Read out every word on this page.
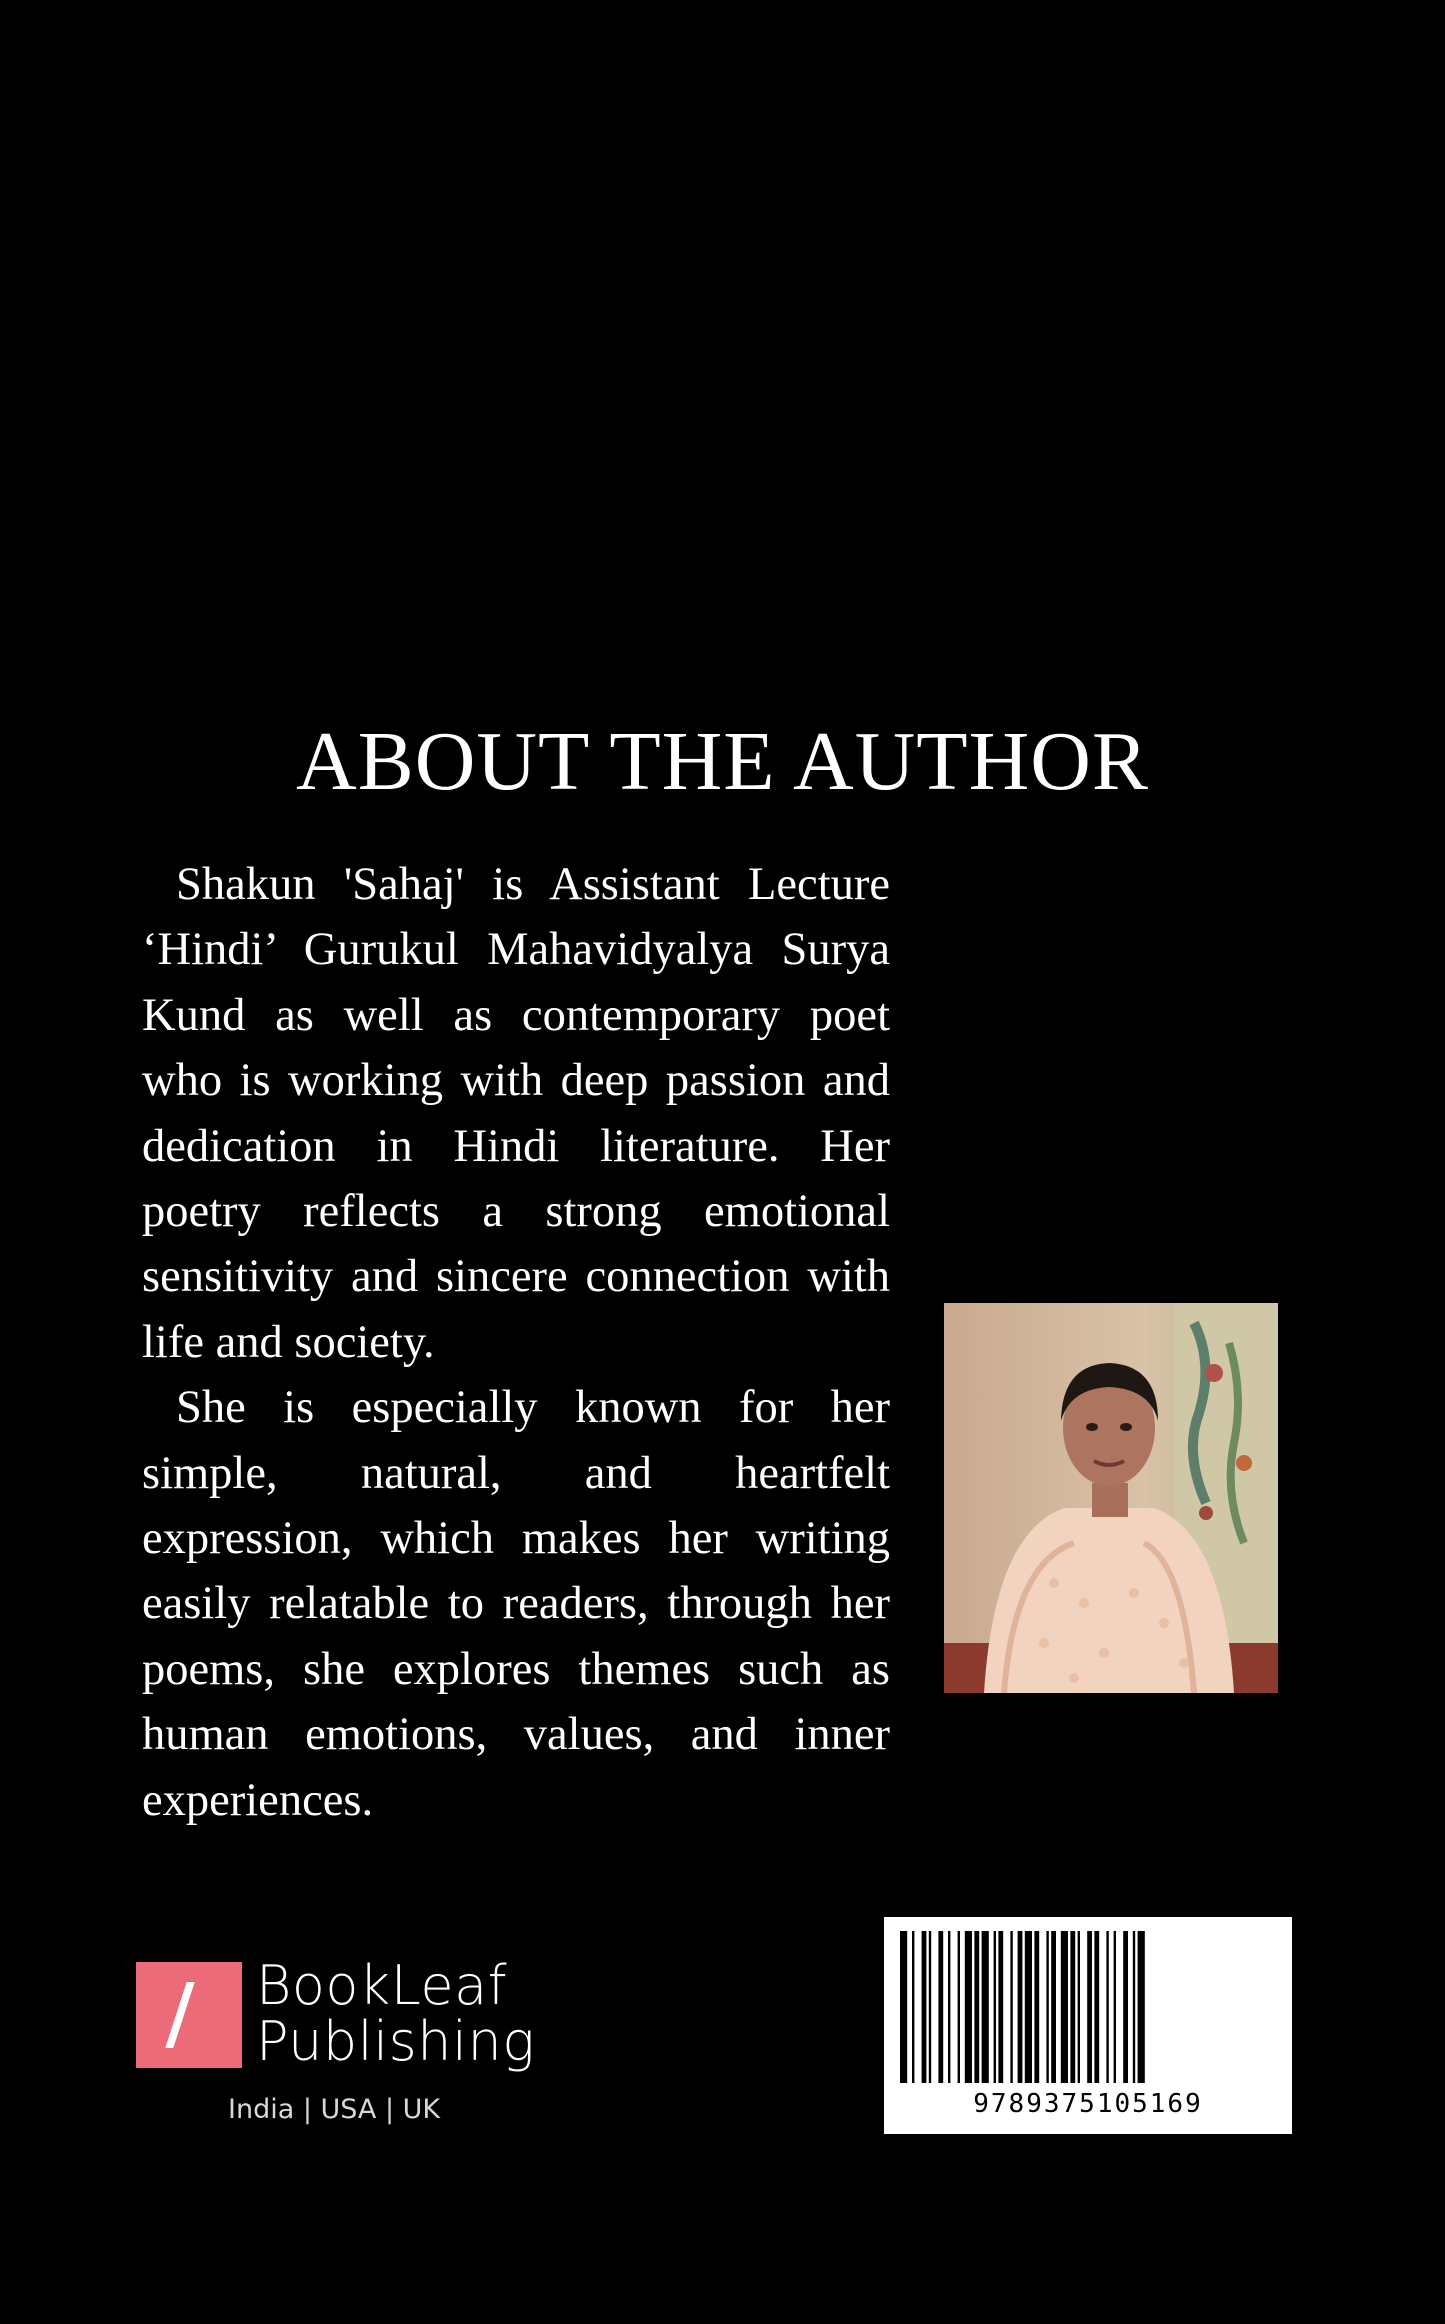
ABOUT THE AUTHOR

Shakun 'Sahaj' is Assistant Lecture ‘Hindi’ Gurukul Mahavidyalya Surya Kund as well as contemporary poet who is working with deep passion and dedication in Hindi literature. Her poetry reflects a strong emotional sensitivity and sincere connection with life and society.

She is especially known for her simple, natural, and heartfelt expression, which makes her writing easily relatable to readers, through her poems, she explores themes such as human emotions, values, and inner experiences.

BookLeaf
Publishing
India | USA | UK	9789375105169
